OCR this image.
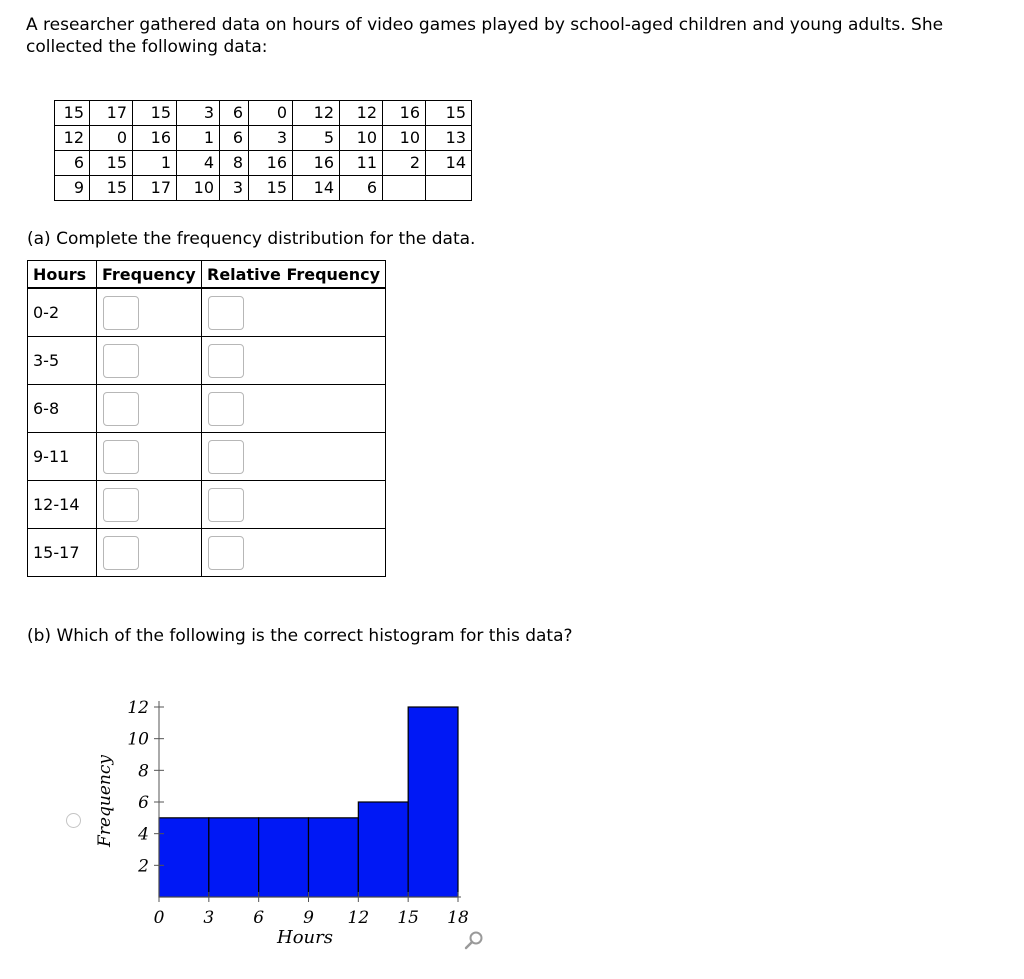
A researcher gathered data on hours of video games played by school-aged children and young adults. She collected the following data:

15	17	15	3	6	0	12	12	16	15
12	0	16	1	6	3	5	10	10	13
6	15	1	4	8	16	16	11	2	14
9	15	17	10	3	15	14	6		

(a) Complete the frequency distribution for the data.

Hours	Frequency	Relative Frequency
0-2	

3-5	

6-8	

9-11	

12-14	

15-17	

(b) Which of the following is the correct histogram for this data?

2
4
6
8
10
12
0 3 6 9 12 15 18
Frequency
Hours
